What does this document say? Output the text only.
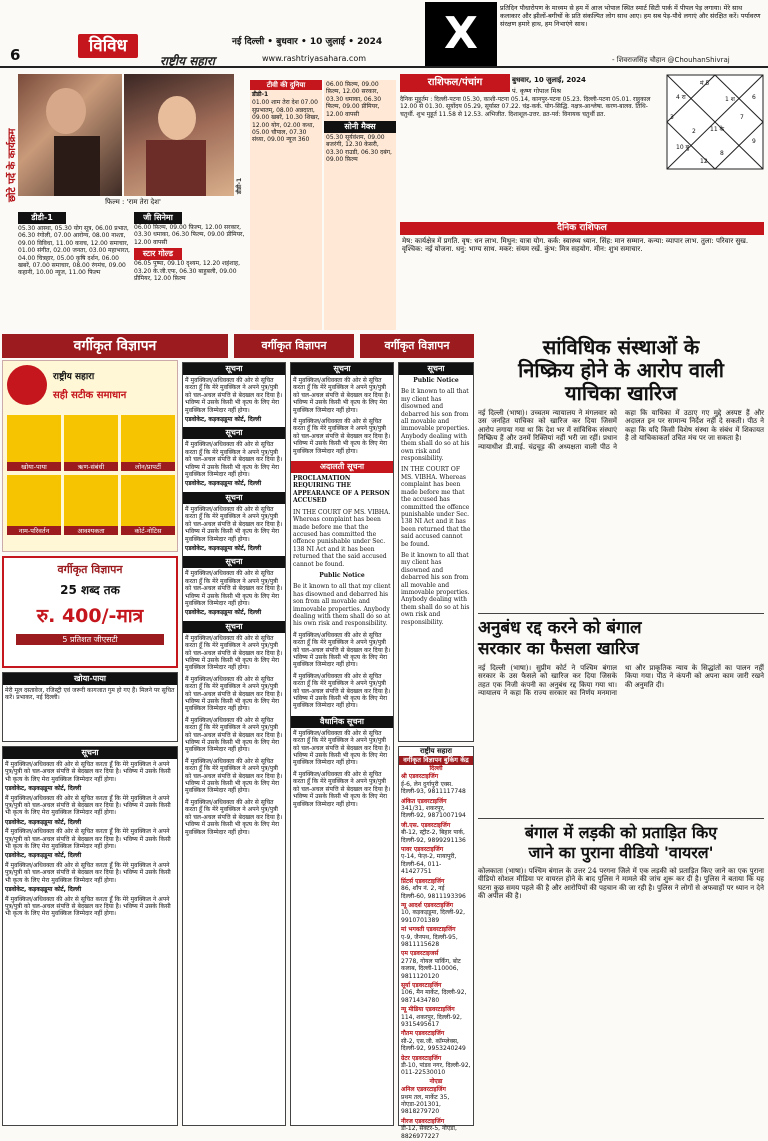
6	विविध	नई दिल्ली • बुधवार • 10 जुलाई • 2024
राष्ट्रीय सहारा	www.rashtriyasahara.com	X	प्रतिदिन पौधारोपण के माध्यम से हम में आज भोपाल स्थित स्मार्ट सिटी पार्क में पीपल पेड़ लगाया। मेरे साथ कलाकार और झीलों-बगीचों के प्रति संकल्पित लोग साथ आए। हम सब पेड़-पौधे लगाएं और संरक्षित करें। पर्यावरण संरक्षण हमारे हाथ, हम निभाएंगे साथ।
- शिवराजसिंह चौहान @ChouhanShivraj
छोटे पर्दे के कार्यक्रम	डीडी-1
फिल्म : 'राम तेरा देश'
टीवी की दुनिया
डीडी-1
01.00 शाम तेरा देश 07.00 सुप्रभातम्, 08.00 अन्नदाता, 09.00 खबरें, 10.30 शिखर, 12.00 योग, 02.00 कथा, 05.00 चौपाल, 07.30 संध्या, 09.00 न्यूज 360
06.00 फ़िल्म, 09.00 फ़िल्म, 12.00 सरकार, 03.30 धमाका, 06.30 फिल्म, 09.00 प्रीमियर, 12.00 वापसी
सोनी मैक्स
05.30 सूर्यवंशम, 09.00 बजरंगी, 12.30 केसरी, 03.30 राउडी, 06.30 दबंग, 09.00 फ़िल्म
डीडी-1
05.30 आस्था, 05.30 योग सूत्र, 06.00 प्रभात, 06.30 रंगोली, 07.00 आरोग्य, 08.00 नाश्ता, 09.00 विविधा, 11.00 कवच, 12.00 समाचार, 01.00 संगीत, 02.00 जनता, 03.00 महाभारत, 04.00 चित्रहार, 05.00 कृषि दर्शन, 06.00 खबरें, 07.00 समाचार, 08.00 रंगमंच, 09.00 कहानी, 10.00 न्यूज, 11.00 फिल्म
जी सिनेमा
06.00 फ़िल्म, 09.00 फ़िल्म, 12.00 सरकार, 03.30 धमाका, 06.30 फिल्म, 09.00 प्रीमियर, 12.00 वापसी
स्टार गोल्ड
06.05 पुष्पा, 09.10 दृश्यम, 12.20 शहंशाह, 03.20 के.जी.एफ, 06.30 बाहुबली, 09.00 प्रीमियर, 12.00 फ़िल्म
राशिफल/पंचांग	बुधवार, 10 जुलाई, 2024
पं. कृष्ण गोपाल मिश्र
दैनिक मुहूर्तम : दिल्ली-पटना 05.30, काशी-पटना 05.14, कानपुर-पटना 05.23. दिल्ली-पटना 05.01. राहुकाल 12.00 से 01.30. सूर्योदय 05.29, सूर्यास्त 07.22. चंद्र-कर्क. योग-सिद्धि. नक्षत्र-आश्लेषा. करण-बालव. तिथि-चतुर्थी. शुभ मुहूर्त 11.58 से 12.53. अभिजीत. दिशाशूल-उत्तर. व्रत-पर्व: विनायक चतुर्थी व्रत.
मं 5
4 रा
3	7
6
9
8
12
10 बु
11 के
1 श
2
दैनिक राशिफल
मेष: कार्यक्षेत्र में प्रगति. वृष: धन लाभ. मिथुन: यात्रा योग. कर्क: स्वास्थ्य ध्यान. सिंह: मान सम्मान. कन्या: व्यापार लाभ. तुला: परिवार सुख. वृश्चिक: नई योजना. धनु: भाग्य साथ. मकर: संयम रखें. कुंभ: मित्र सहयोग. मीन: शुभ समाचार.
वर्गीकृत विज्ञापन	वर्गीकृत विज्ञापन	वर्गीकृत विज्ञापन
राष्ट्रीय सहारा
सही सटीक समाधान
खोया-पाया	ऋण-संबंधी	लोन/प्रापर्टी
नाम-परिवर्तन	आवश्यकता	कोर्ट-नोटिस
वर्गीकृत विज्ञापन
25 शब्द तक
रु. 400/-मात्र
5 प्रतिशत जीएसटी
खोया-पाया
मेरी मूल दस्तावेज, रजिस्ट्री एवं जरूरी कागजात गुम हो गए हैं। मिलने पर सूचित करें। प्रभाकर, नई दिल्ली।
सूचना
मैं मुवक्किल/अधिवक्ता की ओर से सूचित करता हूँ कि मेरे मुवक्किल ने अपने पुत्र/पुत्री को चल-अचल संपत्ति से बेदखल कर दिया है। भविष्य में उसके किसी भी कृत्य के लिए मेरा मुवक्किल जिम्मेदार नहीं होगा।
एडवोकेट, कड़कड़डूमा कोर्ट, दिल्ली
मैं मुवक्किल/अधिवक्ता की ओर से सूचित करता हूँ कि मेरे मुवक्किल ने अपने पुत्र/पुत्री को चल-अचल संपत्ति से बेदखल कर दिया है। भविष्य में उसके किसी भी कृत्य के लिए मेरा मुवक्किल जिम्मेदार नहीं होगा।
एडवोकेट, कड़कड़डूमा कोर्ट, दिल्ली
मैं मुवक्किल/अधिवक्ता की ओर से सूचित करता हूँ कि मेरे मुवक्किल ने अपने पुत्र/पुत्री को चल-अचल संपत्ति से बेदखल कर दिया है। भविष्य में उसके किसी भी कृत्य के लिए मेरा मुवक्किल जिम्मेदार नहीं होगा।
एडवोकेट, कड़कड़डूमा कोर्ट, दिल्ली
मैं मुवक्किल/अधिवक्ता की ओर से सूचित करता हूँ कि मेरे मुवक्किल ने अपने पुत्र/पुत्री को चल-अचल संपत्ति से बेदखल कर दिया है। भविष्य में उसके किसी भी कृत्य के लिए मेरा मुवक्किल जिम्मेदार नहीं होगा।
एडवोकेट, कड़कड़डूमा कोर्ट, दिल्ली
मैं मुवक्किल/अधिवक्ता की ओर से सूचित करता हूँ कि मेरे मुवक्किल ने अपने पुत्र/पुत्री को चल-अचल संपत्ति से बेदखल कर दिया है। भविष्य में उसके किसी भी कृत्य के लिए मेरा मुवक्किल जिम्मेदार नहीं होगा।
सूचना
मैं मुवक्किल/अधिवक्ता की ओर से सूचित करता हूँ कि मेरे मुवक्किल ने अपने पुत्र/पुत्री को चल-अचल संपत्ति से बेदखल कर दिया है। भविष्य में उसके किसी भी कृत्य के लिए मेरा मुवक्किल जिम्मेदार नहीं होगा।
एडवोकेट, कड़कड़डूमा कोर्ट, दिल्ली
सूचना
मैं मुवक्किल/अधिवक्ता की ओर से सूचित करता हूँ कि मेरे मुवक्किल ने अपने पुत्र/पुत्री को चल-अचल संपत्ति से बेदखल कर दिया है। भविष्य में उसके किसी भी कृत्य के लिए मेरा मुवक्किल जिम्मेदार नहीं होगा।
एडवोकेट, कड़कड़डूमा कोर्ट, दिल्ली
सूचना
मैं मुवक्किल/अधिवक्ता की ओर से सूचित करता हूँ कि मेरे मुवक्किल ने अपने पुत्र/पुत्री को चल-अचल संपत्ति से बेदखल कर दिया है। भविष्य में उसके किसी भी कृत्य के लिए मेरा मुवक्किल जिम्मेदार नहीं होगा।
एडवोकेट, कड़कड़डूमा कोर्ट, दिल्ली
सूचना
मैं मुवक्किल/अधिवक्ता की ओर से सूचित करता हूँ कि मेरे मुवक्किल ने अपने पुत्र/पुत्री को चल-अचल संपत्ति से बेदखल कर दिया है। भविष्य में उसके किसी भी कृत्य के लिए मेरा मुवक्किल जिम्मेदार नहीं होगा।
एडवोकेट, कड़कड़डूमा कोर्ट, दिल्ली
सूचना
मैं मुवक्किल/अधिवक्ता की ओर से सूचित करता हूँ कि मेरे मुवक्किल ने अपने पुत्र/पुत्री को चल-अचल संपत्ति से बेदखल कर दिया है। भविष्य में उसके किसी भी कृत्य के लिए मेरा मुवक्किल जिम्मेदार नहीं होगा।
मैं मुवक्किल/अधिवक्ता की ओर से सूचित करता हूँ कि मेरे मुवक्किल ने अपने पुत्र/पुत्री को चल-अचल संपत्ति से बेदखल कर दिया है। भविष्य में उसके किसी भी कृत्य के लिए मेरा मुवक्किल जिम्मेदार नहीं होगा।
मैं मुवक्किल/अधिवक्ता की ओर से सूचित करता हूँ कि मेरे मुवक्किल ने अपने पुत्र/पुत्री को चल-अचल संपत्ति से बेदखल कर दिया है। भविष्य में उसके किसी भी कृत्य के लिए मेरा मुवक्किल जिम्मेदार नहीं होगा।
मैं मुवक्किल/अधिवक्ता की ओर से सूचित करता हूँ कि मेरे मुवक्किल ने अपने पुत्र/पुत्री को चल-अचल संपत्ति से बेदखल कर दिया है। भविष्य में उसके किसी भी कृत्य के लिए मेरा मुवक्किल जिम्मेदार नहीं होगा।
मैं मुवक्किल/अधिवक्ता की ओर से सूचित करता हूँ कि मेरे मुवक्किल ने अपने पुत्र/पुत्री को चल-अचल संपत्ति से बेदखल कर दिया है। भविष्य में उसके किसी भी कृत्य के लिए मेरा मुवक्किल जिम्मेदार नहीं होगा।
सूचना
मैं मुवक्किल/अधिवक्ता की ओर से सूचित करता हूँ कि मेरे मुवक्किल ने अपने पुत्र/पुत्री को चल-अचल संपत्ति से बेदखल कर दिया है। भविष्य में उसके किसी भी कृत्य के लिए मेरा मुवक्किल जिम्मेदार नहीं होगा।
मैं मुवक्किल/अधिवक्ता की ओर से सूचित करता हूँ कि मेरे मुवक्किल ने अपने पुत्र/पुत्री को चल-अचल संपत्ति से बेदखल कर दिया है। भविष्य में उसके किसी भी कृत्य के लिए मेरा मुवक्किल जिम्मेदार नहीं होगा।
अदालती सूचना
PROCLAMATION REQUIRING THE APPEARANCE OF A PERSON ACCUSED
IN THE COURT OF MS. VIBHA. Whereas complaint has been made before me that the accused has committed the offence punishable under Sec. 138 NI Act and it has been returned that the said accused cannot be found.
Public Notice
Be it known to all that my client has disowned and debarred his son from all movable and immovable properties. Anybody dealing with them shall do so at his own risk and responsibility.
मैं मुवक्किल/अधिवक्ता की ओर से सूचित करता हूँ कि मेरे मुवक्किल ने अपने पुत्र/पुत्री को चल-अचल संपत्ति से बेदखल कर दिया है। भविष्य में उसके किसी भी कृत्य के लिए मेरा मुवक्किल जिम्मेदार नहीं होगा।
मैं मुवक्किल/अधिवक्ता की ओर से सूचित करता हूँ कि मेरे मुवक्किल ने अपने पुत्र/पुत्री को चल-अचल संपत्ति से बेदखल कर दिया है। भविष्य में उसके किसी भी कृत्य के लिए मेरा मुवक्किल जिम्मेदार नहीं होगा।
वैधानिक सूचना
मैं मुवक्किल/अधिवक्ता की ओर से सूचित करता हूँ कि मेरे मुवक्किल ने अपने पुत्र/पुत्री को चल-अचल संपत्ति से बेदखल कर दिया है। भविष्य में उसके किसी भी कृत्य के लिए मेरा मुवक्किल जिम्मेदार नहीं होगा।
मैं मुवक्किल/अधिवक्ता की ओर से सूचित करता हूँ कि मेरे मुवक्किल ने अपने पुत्र/पुत्री को चल-अचल संपत्ति से बेदखल कर दिया है। भविष्य में उसके किसी भी कृत्य के लिए मेरा मुवक्किल जिम्मेदार नहीं होगा।
सूचना
Public Notice
Be it known to all that my client has disowned and debarred his son from all movable and immovable properties. Anybody dealing with them shall do so at his own risk and responsibility.
IN THE COURT OF MS. VIBHA. Whereas complaint has been made before me that the accused has committed the offence punishable under Sec. 138 NI Act and it has been returned that the said accused cannot be found.
Be it known to all that my client has disowned and debarred his son from all movable and immovable properties. Anybody dealing with them shall do so at his own risk and responsibility.
राष्ट्रीय सहारा
वर्गीकृत विज्ञापन बुकिंग केंद्र
दिल्ली
श्री एडवरटाइजिंग
ई-6, लेन दुर्गापुरी एक्स. दिल्ली-93, 9811117748
अंकित एडवरटाइजिंग
341/31, शकरपुर, दिल्ली-92, 9871007194
जी.एस. एडवरटाइजिंग
बी-12, स्ट्रीट-2, बिहार पार्क, दिल्ली-92, 9899291136
पावर एडवरटाइजिंग
ए-14, फेज़-2, मायापुरी, दिल्ली-64, 011-41427751
प्रिंटर्स एडवरटाइजिंग
86, शॉप नं. 2, नई दिल्ली-60, 9811193396
न्यू आदर्श एडवरटाइजिंग
10, कड़कड़डूमा, दिल्ली-92, 9910701389
मां भगवती एडवरटाइजिंग
ए-9, जैनपथ, दिल्ली-95, 9811115628
एम एडवरटाइजर्स
2778, गोयल पार्किंग, बोट कलाब, दिल्ली-110006, 9811120120
सूर्या एडवरटाइजिंग
106, मैन मार्केट, दिल्ली-92, 9871434780
न्यू मीडिया एडवरटाइजिंग
114, शकरपुर, दिल्ली-92, 9315495617
गौतम एडवरटाइजिंग
सी-2, एस.जी. कॉम्प्लेक्स, दिल्ली-92, 9953240249
ग्रेटर एडवरटाइजिंग
डी-10, पांडव नगर, दिल्ली-92, 011-22530010
नोएडा
अनिल एडवरटाइजिंग
प्रथम तल, मार्केट 35, नोएडा-201301, 9818279720
नीरज एडवरटाइजिंग
डी-12, सेक्टर-5, नोएडा, 8826977227
सांविधिक संस्थाओं के
निष्क्रिय होने के आरोप वाली
याचिका खारिज
नई दिल्ली (भाषा)। उच्चतम न्यायालय ने मंगलवार को उस जनहित याचिका को खारिज कर दिया जिसमें आरोप लगाया गया था कि देश भर में सांविधिक संस्थाएं निष्क्रिय हैं और उनमें रिक्तियां नहीं भरी जा रहीं। प्रधान न्यायाधीश डी.वाई. चंद्रचूड़ की अध्यक्षता वाली पीठ ने कहा कि याचिका में उठाए गए मुद्दे अस्पष्ट हैं और अदालत इन पर सामान्य निर्देश नहीं दे सकती। पीठ ने कहा कि यदि किसी विशेष संस्था के संबंध में शिकायत है तो याचिकाकर्ता उचित मंच पर जा सकता है।
अनुबंध रद्द करने को बंगाल
सरकार का फैसला खारिज
नई दिल्ली (भाषा)। सुप्रीम कोर्ट ने पश्चिम बंगाल सरकार के उस फैसले को खारिज कर दिया जिसके तहत एक निजी कंपनी का अनुबंध रद्द किया गया था। न्यायालय ने कहा कि राज्य सरकार का निर्णय मनमाना था और प्राकृतिक न्याय के सिद्धांतों का पालन नहीं किया गया। पीठ ने कंपनी को अपना काम जारी रखने की अनुमति दी।
बंगाल में लड़की को प्रताड़ित किए
जाने का पुराना वीडियो 'वायरल'
कोलकाता (भाषा)। पश्चिम बंगाल के उत्तर 24 परगना जिले में एक लड़की को प्रताड़ित किए जाने का एक पुराना वीडियो सोशल मीडिया पर वायरल होने के बाद पुलिस ने मामले की जांच शुरू कर दी है। पुलिस ने बताया कि यह घटना कुछ समय पहले की है और आरोपियों की पहचान की जा रही है। पुलिस ने लोगों से अफवाहों पर ध्यान न देने की अपील की है।
